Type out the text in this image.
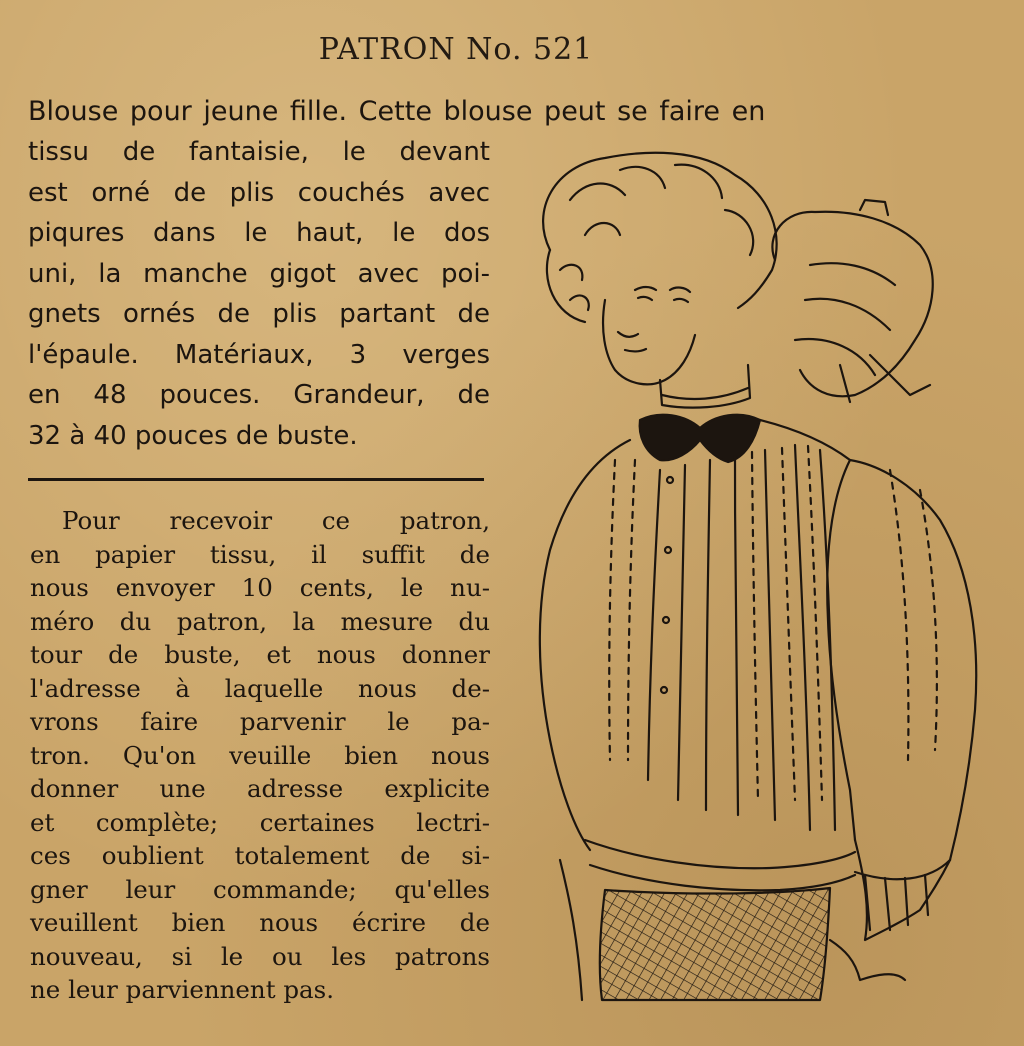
PATRON No. 521
Blouse pour jeune fille. Cette blouse peut se faire en
tissu de fantaisie, le devant
est orné de plis couchés avec
piqures dans le haut, le dos
uni, la manche gigot avec poi-
gnets ornés de plis partant de
l'épaule. Matériaux, 3 verges
en 48 pouces. Grandeur, de
32 à 40 pouces de buste.
Pour recevoir ce patron,
en papier tissu, il suffit de
nous envoyer 10 cents, le nu-
méro du patron, la mesure du
tour de buste, et nous donner
l'adresse à laquelle nous de-
vrons faire parvenir le pa-
tron. Qu'on veuille bien nous
donner une adresse explicite
et complète; certaines lectri-
ces oublient totalement de si-
gner leur commande; qu'elles
veuillent bien nous écrire de
nouveau, si le ou les patrons
ne leur parviennent pas.
